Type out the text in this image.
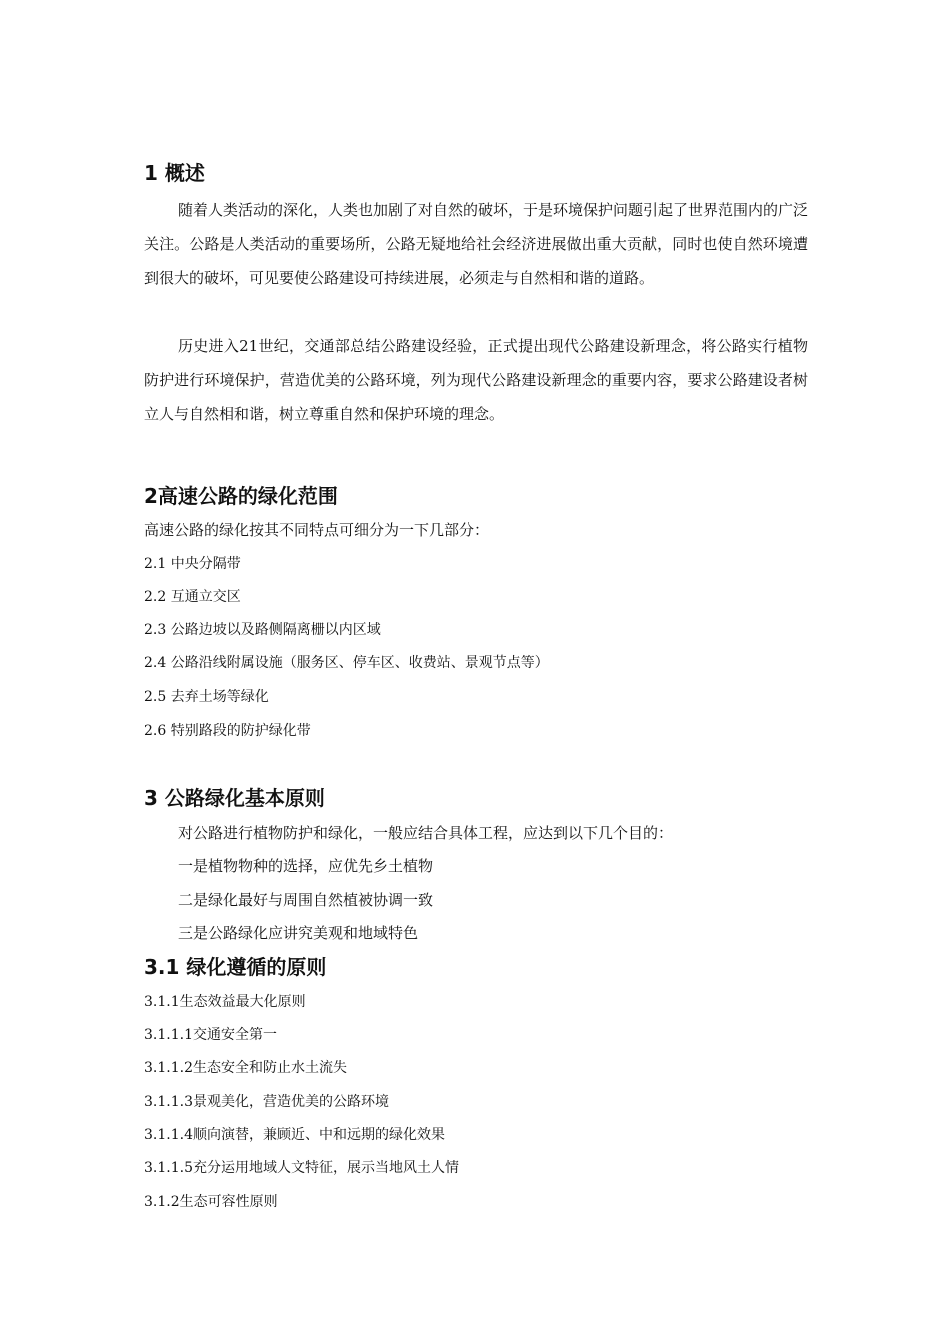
1 概述
随着人类活动的深化，人类也加剧了对自然的破坏，于是环境保护问题引起了世界范围内的广泛关注。公路是人类活动的重要场所，公路无疑地给社会经济进展做出重大贡献，同时也使自然环境遭到很大的破坏，可见要使公路建设可持续进展，必须走与自然相和谐的道路。
历史进入21世纪，交通部总结公路建设经验，正式提出现代公路建设新理念，将公路实行植物防护进行环境保护，营造优美的公路环境，列为现代公路建设新理念的重要内容，要求公路建设者树立人与自然相和谐，树立尊重自然和保护环境的理念。
2高速公路的绿化范围
高速公路的绿化按其不同特点可细分为一下几部分：
2.1 中央分隔带
2.2 互通立交区
2.3 公路边坡以及路侧隔离栅以内区域
2.4 公路沿线附属设施（服务区、停车区、收费站、景观节点等）
2.5 去弃土场等绿化
2.6 特别路段的防护绿化带
3 公路绿化基本原则
对公路进行植物防护和绿化，一般应结合具体工程，应达到以下几个目的：
一是植物物种的选择，应优先乡土植物
二是绿化最好与周围自然植被协调一致
三是公路绿化应讲究美观和地域特色
3.1 绿化遵循的原则
3.1.1生态效益最大化原则
3.1.1.1交通安全第一
3.1.1.2生态安全和防止水土流失
3.1.1.3景观美化，营造优美的公路环境
3.1.1.4顺向演替，兼顾近、中和远期的绿化效果
3.1.1.5充分运用地域人文特征，展示当地风土人情
3.1.2生态可容性原则
